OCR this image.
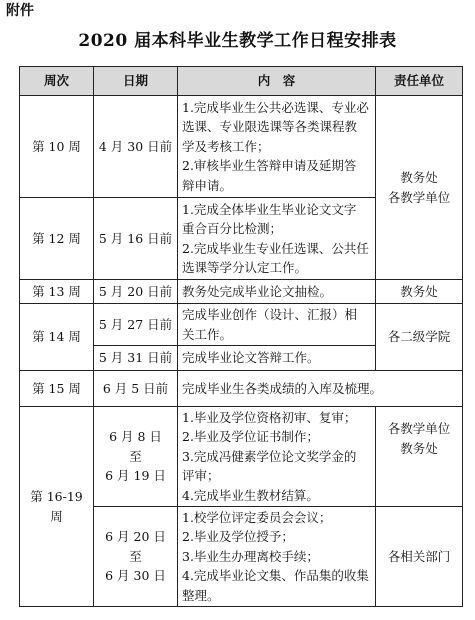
附件
2020 届本科毕业生教学工作日程安排表
周次	日期	内　容	责任单位
第 10 周	4 月 30 日前	1.完成毕业生公共必选课、专业必
选课、专业限选课等各类课程教
学及考核工作；
2.审核毕业生答辩申请及延期答
辩申请。	教务处
各教学单位

第 12 周	5 月 16 日前	1.完成全体毕业生毕业论文文字
重合百分比检测；
2.完成毕业生专业任选课、公共任
选课等学分认定工作。	

第 13 周	5 月 20 日前	教务处完成毕业论文抽检。	教务处
第 14 周	5 月 27 日前	完成毕业创作（设计、汇报）相
关工作。	各二级学院
	5 月 31 日前	完成毕业论文答辩工作。	
第 15 周	6 月 5 日前	完成毕业生各类成绩的入库及梳理。	
第 16-19 周	6 月 8 日
至
6 月 19 日	1.毕业及学位资格初审、复审；
2.毕业及学位证书制作；
3.完成冯健素学位论文奖学金的
评审；
4.完成毕业生教材结算。	各教学单位
教务处

	6 月 20 日
至
6 月 30 日	1.校学位评定委员会会议；
2.毕业及学位授予；
3.毕业生办理离校手续；
4.完成毕业论文集、作品集的收集
整理。	各相关部门
